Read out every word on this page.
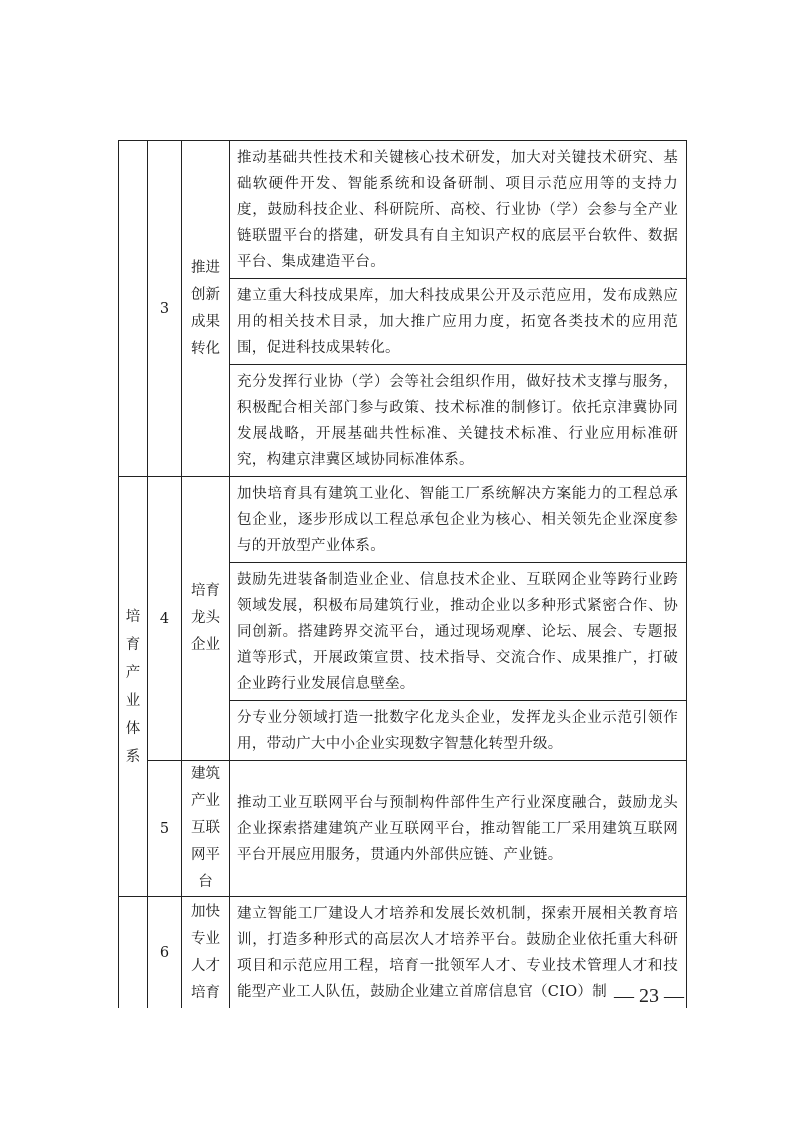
	3	推进创新成果转化	推动基础共性技术和关键核心技术研发，加大对关键技术研究、基础软硬件开发、智能系统和设备研制、项目示范应用等的支持力度，鼓励科技企业、科研院所、高校、行业协（学）会参与全产业链联盟平台的搭建，研发具有自主知识产权的底层平台软件、数据平台、集成建造平台。
			建立重大科技成果库，加大科技成果公开及示范应用，发布成熟应用的相关技术目录，加大推广应用力度，拓宽各类技术的应用范围，促进科技成果转化。
			充分发挥行业协（学）会等社会组织作用，做好技术支撑与服务，积极配合相关部门参与政策、技术标准的制修订。依托京津冀协同发展战略，开展基础共性标准、关键技术标准、行业应用标准研究，构建京津冀区域协同标准体系。
培育产业体系	4	培育龙头企业	加快培育具有建筑工业化、智能工厂系统解决方案能力的工程总承包企业，逐步形成以工程总承包企业为核心、相关领先企业深度参与的开放型产业体系。
			鼓励先进装备制造业企业、信息技术企业、互联网企业等跨行业跨领域发展，积极布局建筑行业，推动企业以多种形式紧密合作、协同创新。搭建跨界交流平台，通过现场观摩、论坛、展会、专题报道等形式，开展政策宣贯、技术指导、交流合作、成果推广，打破企业跨行业发展信息壁垒。
			分专业分领域打造一批数字化龙头企业，发挥龙头企业示范引领作用，带动广大中小企业实现数字智慧化转型升级。
	5	建筑产业互联网平台	推动工业互联网平台与预制构件部件生产行业深度融合，鼓励龙头企业探索搭建建筑产业互联网平台，推动智能工厂采用建筑互联网平台开展应用服务，贯通内外部供应链、产业链。
	6	加快专业人才培育	建立智能工厂建设人才培养和发展长效机制，探索开展相关教育培训，打造多种形式的高层次人才培养平台。鼓励企业依托重大科研项目和示范应用工程，培育一批领军人才、专业技术管理人才和技能型产业工人队伍，鼓励企业建立首席信息官（CIO）制 — 23 —
